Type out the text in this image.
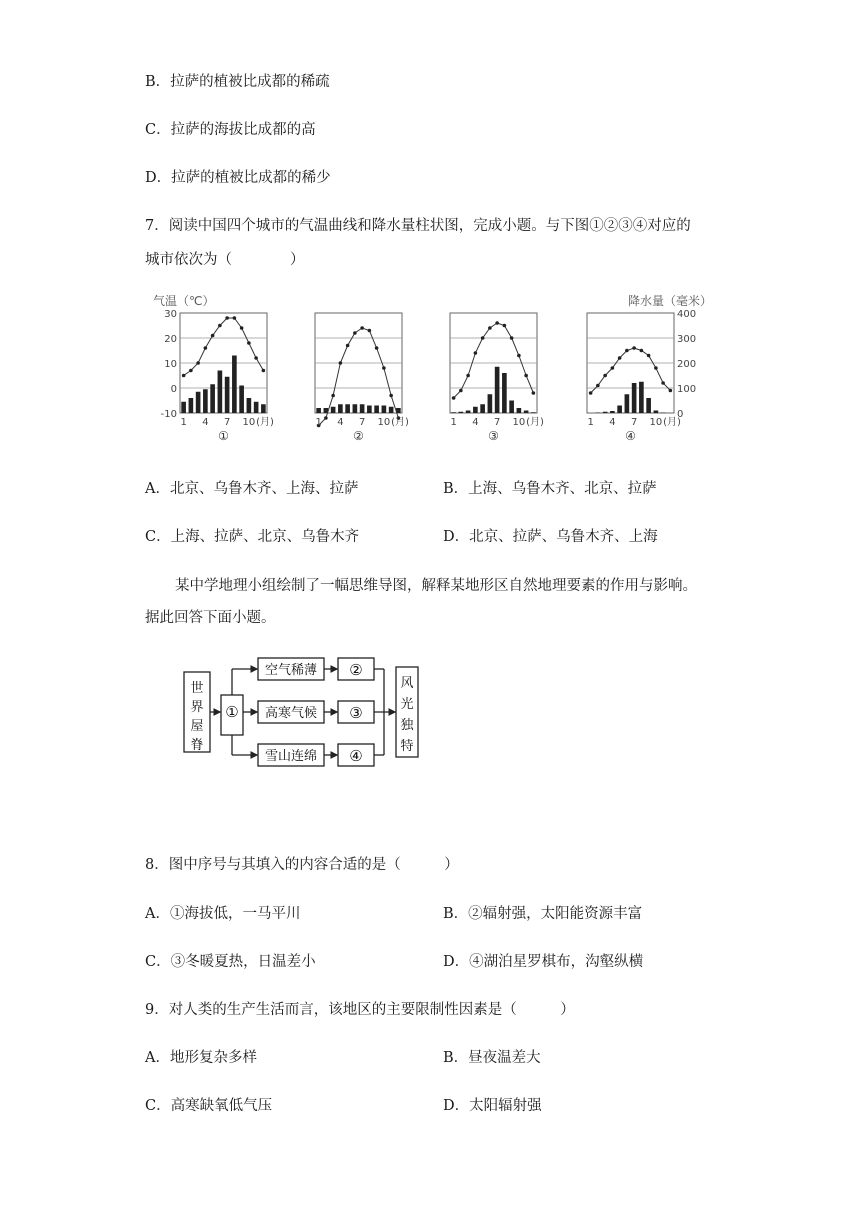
B．拉萨的植被比成都的稀疏
C．拉萨的海拔比成都的高
D．拉萨的植被比成都的稀少
7．阅读中国四个城市的气温曲线和降水量柱状图，完成小题。与下图①②③④对应的
城市依次为（　　　　）
气温（℃）	降水量（毫米）
1 4 7 10 (月)
①
-10
0
10
20
30
1 4 7 10 (月)
②
1 4 7 10 (月)
③
1 4 7 10 (月)
④
0
100
200
300
400
A．北京、乌鲁木齐、上海、拉萨	B．上海、乌鲁木齐、北京、拉萨
C．上海、拉萨、北京、乌鲁木齐	D．北京、拉萨、乌鲁木齐、上海
某中学地理小组绘制了一幅思维导图，解释某地形区自然地理要素的作用与影响。
据此回答下面小题。
世
界
屋
脊
①
空气稀薄
高寒气候
雪山连绵
②
③
④
风
光
独
特
8．图中序号与其填入的内容合适的是（　　　）
A．①海拔低，一马平川	B．②辐射强，太阳能资源丰富
C．③冬暖夏热，日温差小	D．④湖泊星罗棋布，沟壑纵横
9．对人类的生产生活而言，该地区的主要限制性因素是（　　　）
A．地形复杂多样	B．昼夜温差大
C．高寒缺氧低气压	D．太阳辐射强
